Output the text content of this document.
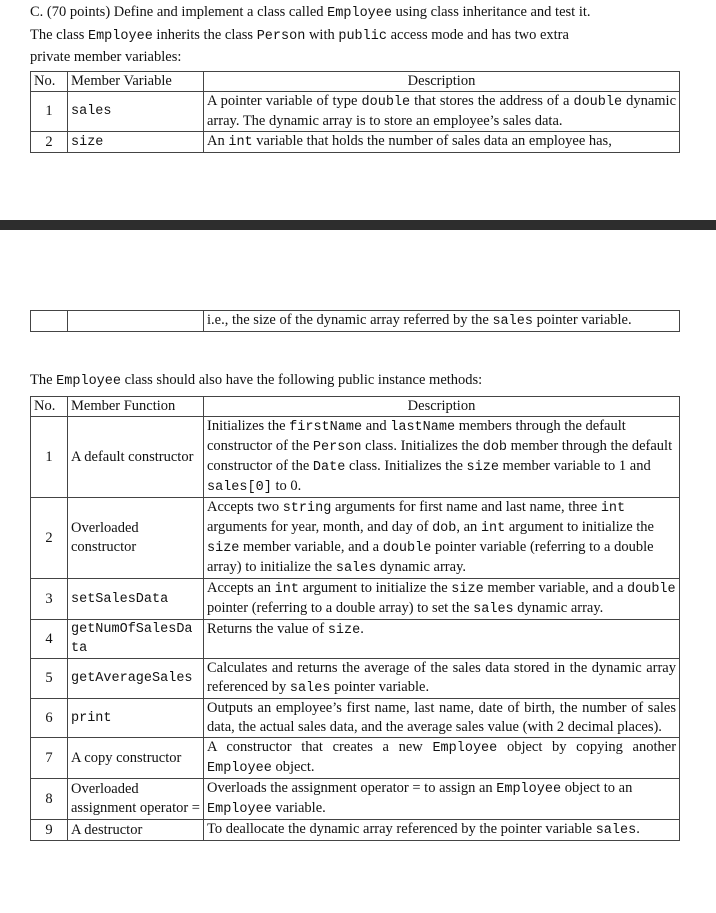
C. (70 points) Define and implement a class called Employee using class inheritance and test it.

The class Employee inherits the class Person with public access mode and has two extra

private member variables:

No.	Member Variable	Description
1	sales	A pointer variable of type double that stores the address of a double dynamic array. The dynamic array is to store an employee’s sales data.
2	size	An int variable that holds the number of sales data an employee has,
		i.e., the size of the dynamic array referred by the sales pointer variable.
The Employee class should also have the following public instance methods:
No.	Member Function	Description
1	A default constructor	Initializes the firstName and lastName members through the default constructor of the Person class. Initializes the dob member through the default constructor of the Date class. Initializes the size member variable to 1 and sales[0] to 0.
2	Overloaded constructor	Accepts two string arguments for first name and last name, three int arguments for year, month, and day of dob, an int argument to initialize the size member variable, and a double pointer variable (referring to a double array) to initialize the sales dynamic array.
3	setSalesData	Accepts an int argument to initialize the size member variable, and a double pointer (referring to a double array) to set the sales dynamic array.
4	getNumOfSalesData	Returns the value of size.
5	getAverageSales	Calculates and returns the average of the sales data stored in the dynamic array referenced by sales pointer variable.
6	print	Outputs an employee’s first name, last name, date of birth, the number of sales data, the actual sales data, and the average sales value (with 2 decimal places).
7	A copy constructor	A constructor that creates a new Employee object by copying another Employee object.
8	Overloaded assignment operator =	Overloads the assignment operator = to assign an Employee object to an Employee variable.
9	A destructor	To deallocate the dynamic array referenced by the pointer variable sales.
